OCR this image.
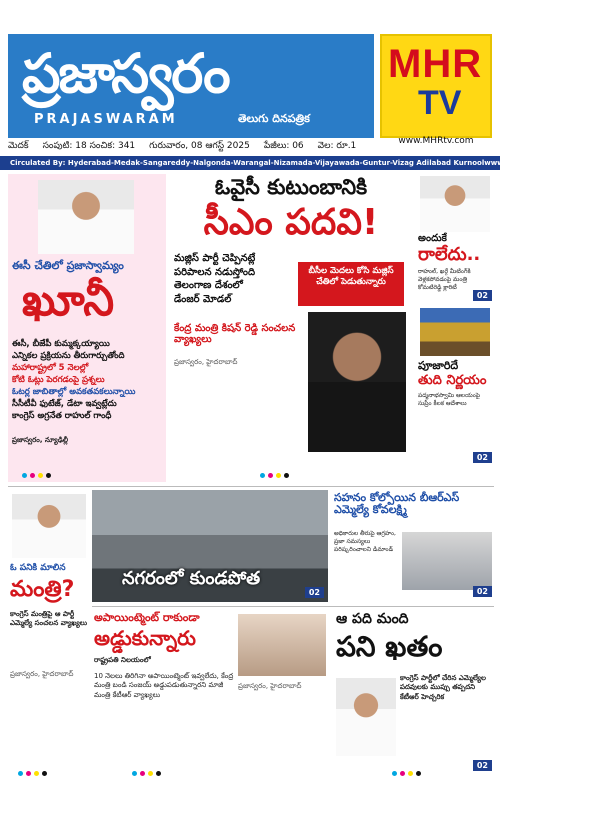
ప్రజాస్వరం
PRAJASWARAM	తెలుగు దినపత్రిక
MHR
TV
www.MHRtv.com
మెదక్ సంపుటి: 18 సంచిక: 341 గురువారం, 08 ఆగస్ట్ 2025 పేజీలు: 06 వెల: రూ.1
Circulated By: Hyderabad-Medak-Sangareddy-Nalgonda-Warangal-Nizamada-Vijayawada-Guntur-Vizag Adilabad Kurnool www.prajaswaramdaily.com
ఈసీ చేతిలో ప్రజాస్వామ్యం
ఖూనీ
ఈసీ, బీజేపీ కుమ్మక్కయ్యాయి
ఎన్నికల ప్రక్రియను తీరుగార్చుతోంది
మహారాష్ట్రలో 5 నెలల్లో
కోటి ఓట్లు పెరగడంపై ప్రశ్నలు
ఓటర్ల జాబితాల్లో అవకతవకలున్నాయి
సీసీటీవీ ఫుటేజ్, డేటా ఇవ్వట్లేదు
కాంగ్రెస్ అగ్రనేత రాహుల్ గాంధీ
ప్రజాస్వరం, న్యూఢిల్లీ
ఓవైసీ కుటుంబానికి
సీఎం పదవి!
మజ్లిస్ పార్టీ చెప్పినట్లే
పరిపాలన నడుస్తోంది
తెలంగాణ దేశంలో
డేంజర్ మోడల్
బీసీల మెదలు కోసి మజ్లిస్ చేతిలో పెడుతున్నారు
కేంద్ర మంత్రి కిషన్ రెడ్డి సంచలన వ్యాఖ్యలు
ప్రజాస్వరం, హైదరాబాద్
అందుకే
రాలేదు..
రాహుల్, ఖర్గే మీటింగ్‌కి వెళ్లకపోవడంపై మంత్రి కోమటిరెడ్డి క్లారిటీ
02
పూజారిదే
తుది నిర్ణయం
పద్మనాభస్వామి ఆలయంపై సుప్రీం కీలక ఆదేశాలు
02
ఓ పనికి మాలిన
మంత్రి?
కాంగ్రెస్ మంత్రిపై ఆ పార్టీ ఎమ్మెల్యే సంచలన వ్యాఖ్యలు
ప్రజాస్వరం, హైదరాబాద్
నగరంలో కుండపోత
02
సహనం కోల్పోయిన బీఆర్ఎస్ ఎమ్మెల్యే కోవలక్ష్మి
అధికారుల తీరుపై ఆగ్రహం, ప్రజా సమస్యలు పరిష్కరించాలని డిమాండ్
02
అపాయింట్మెంట్ రాకుండా
అడ్డుకున్నారు
రాష్ట్రపతి నిలయంలో
10 నెలలు తిరిగినా అపాయింట్మెంట్ ఇవ్వలేదు, కేంద్ర మంత్రి బండి సంజయ్ అడ్డుపడుతున్నారని మాజీ మంత్రి కేటీఆర్ వ్యాఖ్యలు
ప్రజాస్వరం, హైదరాబాద్
ఆ పది మంది
పని ఖతం
కాంగ్రెస్ పార్టీలో చేరిన ఎమ్మెల్యేల పదవులకు ముప్పు తప్పదని కేటీఆర్ హెచ్చరిక
02
